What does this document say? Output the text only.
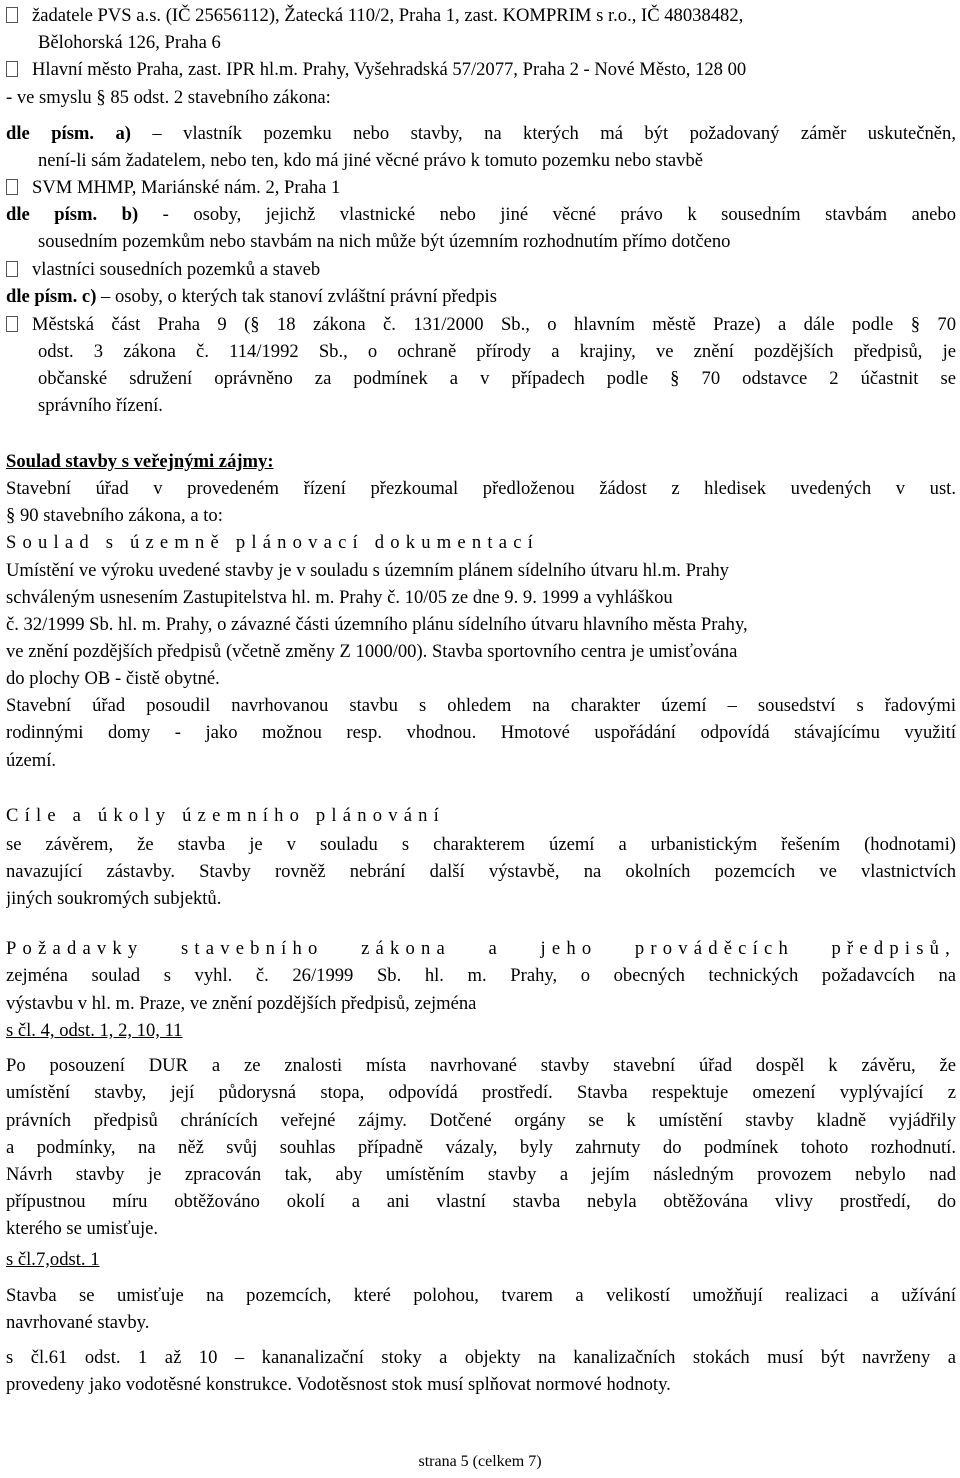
žadatele PVS a.s. (IČ 25656112), Žatecká 110/2, Praha 1, zast. KOMPRIM s r.o., IČ 48038482,
Bělohorská 126, Praha 6
Hlavní město Praha, zast. IPR hl.m. Prahy, Vyšehradská 57/2077, Praha 2 - Nové Město, 128 00
- ve smyslu § 85 odst. 2 stavebního zákona:
dle písm. a) – vlastník pozemku nebo stavby, na kterých má být požadovaný záměr uskutečněn,
není-li sám žadatelem, nebo ten, kdo má jiné věcné právo k tomuto pozemku nebo stavbě
SVM MHMP, Mariánské nám. 2, Praha 1
dle písm. b) - osoby, jejichž vlastnické nebo jiné věcné právo k sousedním stavbám anebo
sousedním pozemkům nebo stavbám na nich může být územním rozhodnutím přímo dotčeno
vlastníci sousedních pozemků a staveb
dle písm. c) – osoby, o kterých tak stanoví zvláštní právní předpis
Městská část Praha 9 (§ 18 zákona č. 131/2000 Sb., o hlavním městě Praze) a dále podle § 70
odst. 3 zákona č. 114/1992 Sb., o ochraně přírody a krajiny, ve znění pozdějších předpisů, je
občanské sdružení oprávněno za podmínek a v případech podle § 70 odstavce 2 účastnit se
správního řízení.
Soulad stavby s veřejnými zájmy:
Stavební úřad v provedeném řízení přezkoumal předloženou žádost z hledisek uvedených v ust.
§ 90 stavebního zákona, a to:
Soulad s územně plánovací dokumentací
Umístění ve výroku uvedené stavby je v souladu s územním plánem sídelního útvaru hl.m. Prahy
schváleným usnesením Zastupitelstva hl. m. Prahy č. 10/05 ze dne 9. 9. 1999 a vyhláškou
č. 32/1999 Sb. hl. m. Prahy, o závazné části územního plánu sídelního útvaru hlavního města Prahy,
ve znění pozdějších předpisů (včetně změny Z 1000/00). Stavba sportovního centra je umisťována
do plochy OB - čistě obytné.
Stavební úřad posoudil navrhovanou stavbu s ohledem na charakter území – sousedství s řadovými
rodinnými domy - jako možnou resp. vhodnou. Hmotové uspořádání odpovídá stávajícímu využití
území.
Cíle a úkoly územního plánování
se závěrem, že stavba je v souladu s charakterem území a urbanistickým řešením (hodnotami)
navazující zástavby. Stavby rovněž nebrání další výstavbě, na okolních pozemcích ve vlastnictvích
jiných soukromých subjektů.
Požadavky stavebního zákona a jeho prováděcích předpisů,
zejména soulad s vyhl. č. 26/1999 Sb. hl. m. Prahy, o obecných technických požadavcích na
výstavbu v hl. m. Praze, ve znění pozdějších předpisů, zejména
s čl. 4, odst. 1, 2, 10, 11
Po posouzení DUR a ze znalosti místa navrhované stavby stavební úřad dospěl k závěru, že
umístění stavby, její půdorysná stopa, odpovídá prostředí. Stavba respektuje omezení vyplývající z
právních předpisů chránících veřejné zájmy. Dotčené orgány se k umístění stavby kladně vyjádřily
a podmínky, na něž svůj souhlas případně vázaly, byly zahrnuty do podmínek tohoto rozhodnutí.
Návrh stavby je zpracován tak, aby umístěním stavby a jejím následným provozem nebylo nad
přípustnou míru obtěžováno okolí a ani vlastní stavba nebyla obtěžována vlivy prostředí, do
kterého se umisťuje.
s čl.7,odst. 1
Stavba se umisťuje na pozemcích, které polohou, tvarem a velikostí umožňují realizaci a užívání
navrhované stavby.
s čl.61 odst. 1 až 10 – kananalizační stoky a objekty na kanalizačních stokách musí být navrženy a
provedeny jako vodotěsné konstrukce. Vodotěsnost stok musí splňovat normové hodnoty.
strana 5 (celkem 7)
